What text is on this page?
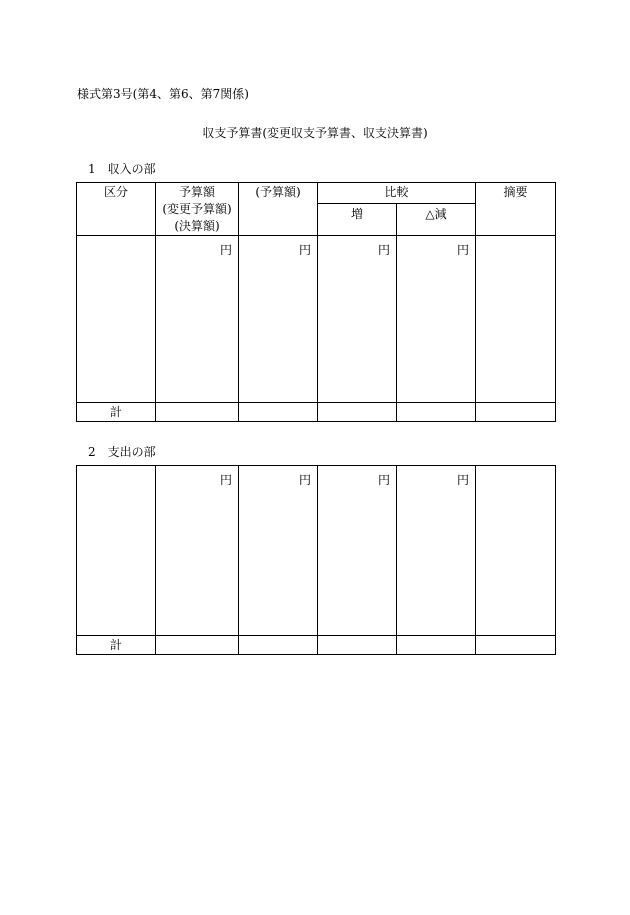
様式第3号(第4、第6、第7関係)
収支予算書(変更収支予算書、収支決算書)
1　収入の部
区分	予算額
(変更予算額)
(決算額)	(予算額)	比較		摘要
			増	△減	
	円	円	円	円	
計					
2　支出の部
	円	円	円	円	
計					
